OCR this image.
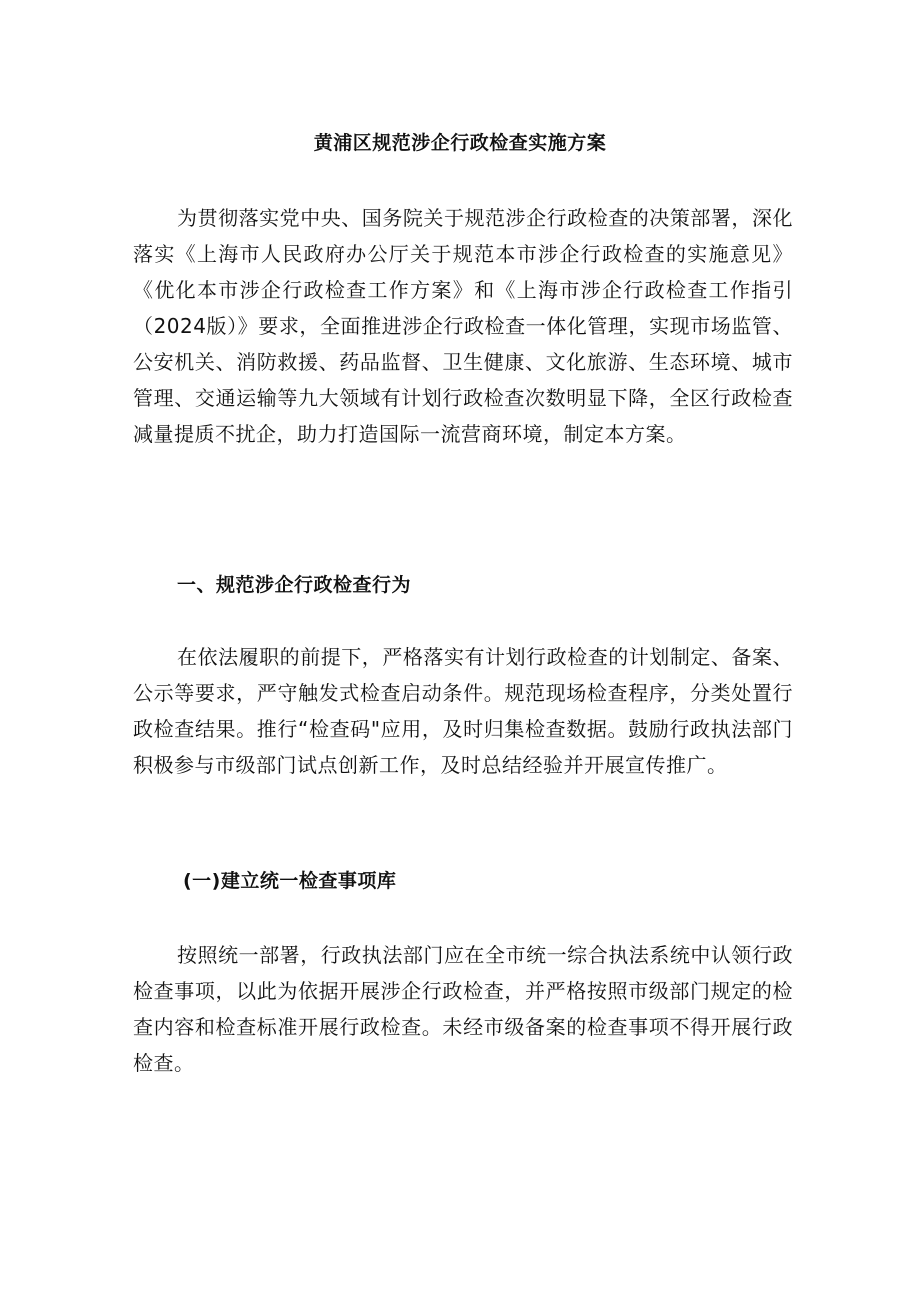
黄浦区规范涉企行政检查实施方案

为贯彻落实党中央、国务院关于规范涉企行政检查的决策部署，深化落实《上海市人民政府办公厅关于规范本市涉企行政检查的实施意见》《优化本市涉企行政检查工作方案》和《上海市涉企行政检查工作指引（2024版）》要求，全面推进涉企行政检查一体化管理，实现市场监管、公安机关、消防救援、药品监督、卫生健康、文化旅游、生态环境、城市管理、交通运输等九大领域有计划行政检查次数明显下降，全区行政检查减量提质不扰企，助力打造国际一流营商环境，制定本方案。

一、规范涉企行政检查行为

在依法履职的前提下，严格落实有计划行政检查的计划制定、备案、公示等要求，严守触发式检查启动条件。规范现场检查程序，分类处置行政检查结果。推行“检查码"应用，及时归集检查数据。鼓励行政执法部门积极参与市级部门试点创新工作，及时总结经验并开展宣传推广。

(一)建立统一检查事项库

按照统一部署，行政执法部门应在全市统一综合执法系统中认领行政检查事项，以此为依据开展涉企行政检查，并严格按照市级部门规定的检查内容和检查标准开展行政检查。未经市级备案的检查事项不得开展行政检查。
